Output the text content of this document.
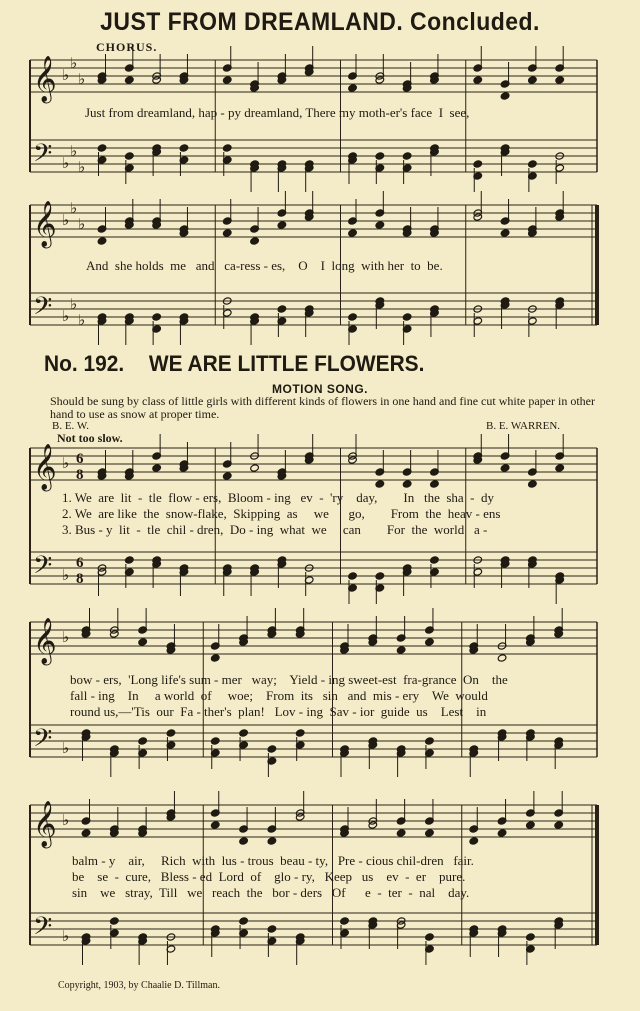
JUST FROM DREAMLAND. Concluded.
CHORUS.
𝄞
𝄢
♭
♭
♭
♭
♭
♭
Just from dreamland, hap - py dreamland, There my moth-er's face  I  see,
𝄞
𝄢
♭
♭
♭
♭
♭
♭
And  she holds  me   and   ca-ress - es,    O    I  long  with her  to  be.
No. 192. WE ARE LITTLE FLOWERS.
MOTION SONG.
Should be sung by class of little girls with different kinds of flowers in one hand and fine cut white paper in other hand to use as snow at proper time.
B. E. W.	B. E. WARREN.
Not too slow.
𝄞
𝄢
♭
♭
6
8
6
8
1. We  are  lit  -  tle  flow - ers,  Bloom - ing   ev  -  'ry    day,        In   the  sha  -  dy
2. We  are like  the  snow-flake,  Skipping  as     we      go,        From  the  heav - ens
3. Bus - y  lit  -  tle  chil - dren,  Do - ing  what  we     can        For  the  world   a -
𝄞
𝄢
♭
♭
bow - ers,  'Long life's sum - mer   way;    Yield - ing sweet-est  fra-grance  On    the
fall - ing    In     a world  of     woe;    From  its   sin   and  mis - ery    We  would
round us,—'Tis  our  Fa - ther's  plan!   Lov - ing  Sav - ior  guide  us    Lest    in
𝄞
𝄢
♭
♭
balm - y    air,     Rich  with  lus - trous  beau - ty,   Pre - cious chil-dren   fair.
be    se  -  cure,   Bless - ed  Lord  of    glo - ry,   Keep   us    ev  -  er    pure.
sin    we   stray,  Till   we   reach  the   bor - ders   Of      e  -  ter  -  nal    day.
Copyright, 1903, by Chaalie D. Tillman.
